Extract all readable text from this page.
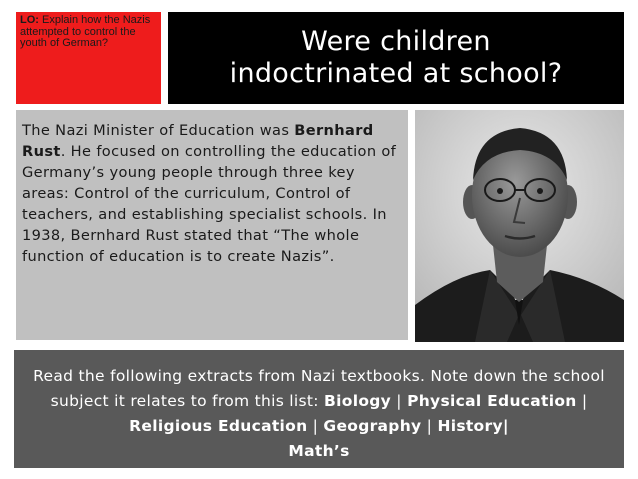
LO: Explain how the Nazis attempted to control the youth of German?	Were children
indoctrinated at school?
The Nazi Minister of Education was Bernhard Rust. He focused on controlling the education of Germany’s young people through three key areas: Control of the curriculum, Control of teachers, and establishing specialist schools. In 1938, Bernhard Rust stated that “The whole function of education is to create Nazis”.
Read the following extracts from Nazi textbooks. Note down the school subject it relates to from this list: Biology | Physical Education | Religious Education | Geography | History|
Math’s
